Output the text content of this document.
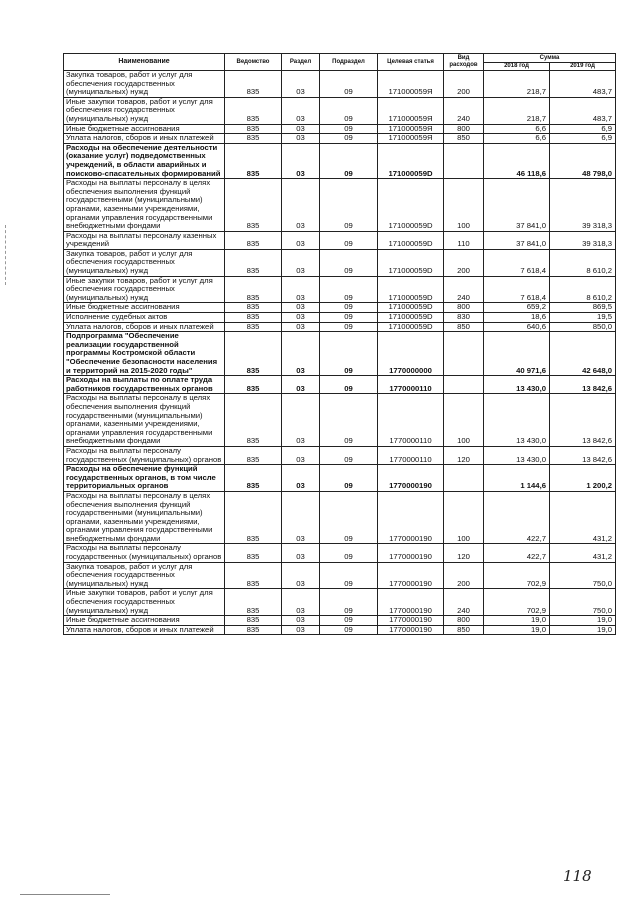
Наименование	Ведомство	Раздел	Подраздел	Целевая статья	Вид расходов	Сумма	
						2018 год	2019 год
Закупка товаров, работ и услуг для обеспечения государственных (муниципальных) нужд	835	03	09	171000059Я	200	218,7	483,7
Иные закупки товаров, работ и услуг для обеспечения государственных (муниципальных) нужд	835	03	09	171000059Я	240	218,7	483,7
Иные бюджетные ассигнования	835	03	09	171000059Я	800	6,6	6,9
Уплата налогов, сборов и иных платежей	835	03	09	171000059Я	850	6,6	6,9
Расходы на обеспечение деятельности (оказание услуг) подведомственных учреждений, в области аварийных и поисково-спасательных формирований	835	03	09	171000059D		46 118,6	48 798,0
Расходы на выплаты персоналу в целях обеспечения выполнения функций государственными (муниципальными) органами, казенными учреждениями, органами управления государственными внебюджетными фондами	835	03	09	171000059D	100	37 841,0	39 318,3
Расходы на выплаты персоналу казенных учреждений	835	03	09	171000059D	110	37 841,0	39 318,3
Закупка товаров, работ и услуг для обеспечения государственных (муниципальных) нужд	835	03	09	171000059D	200	7 618,4	8 610,2
Иные закупки товаров, работ и услуг для обеспечения государственных (муниципальных) нужд	835	03	09	171000059D	240	7 618,4	8 610,2
Иные бюджетные ассигнования	835	03	09	171000059D	800	659,2	869,5
Исполнение судебных актов	835	03	09	171000059D	830	18,6	19,5
Уплата налогов, сборов и иных платежей	835	03	09	171000059D	850	640,6	850,0
Подпрограмма "Обеспечение реализации государственной программы Костромской области "Обеспечение безопасности населения и территорий на 2015-2020 годы"	835	03	09	1770000000		40 971,6	42 648,0
Расходы на выплаты по оплате труда работников государственных органов	835	03	09	1770000110		13 430,0	13 842,6
Расходы на выплаты персоналу в целях обеспечения выполнения функций государственными (муниципальными) органами, казенными учреждениями, органами управления государственными внебюджетными фондами	835	03	09	1770000110	100	13 430,0	13 842,6
Расходы на выплаты персоналу государственных (муниципальных) органов	835	03	09	1770000110	120	13 430,0	13 842,6
Расходы на обеспечение функций государственных органов, в том числе территориальных органов	835	03	09	1770000190		1 144,6	1 200,2
Расходы на выплаты персоналу в целях обеспечения выполнения функций государственными (муниципальными) органами, казенными учреждениями, органами управления государственными внебюджетными фондами	835	03	09	1770000190	100	422,7	431,2
Расходы на выплаты персоналу государственных (муниципальных) органов	835	03	09	1770000190	120	422,7	431,2
Закупка товаров, работ и услуг для обеспечения государственных (муниципальных) нужд	835	03	09	1770000190	200	702,9	750,0
Иные закупки товаров, работ и услуг для обеспечения государственных (муниципальных) нужд	835	03	09	1770000190	240	702,9	750,0
Иные бюджетные ассигнования	835	03	09	1770000190	800	19,0	19,0
Уплата налогов, сборов и иных платежей	835	03	09	1770000190	850	19,0	19,0
118
